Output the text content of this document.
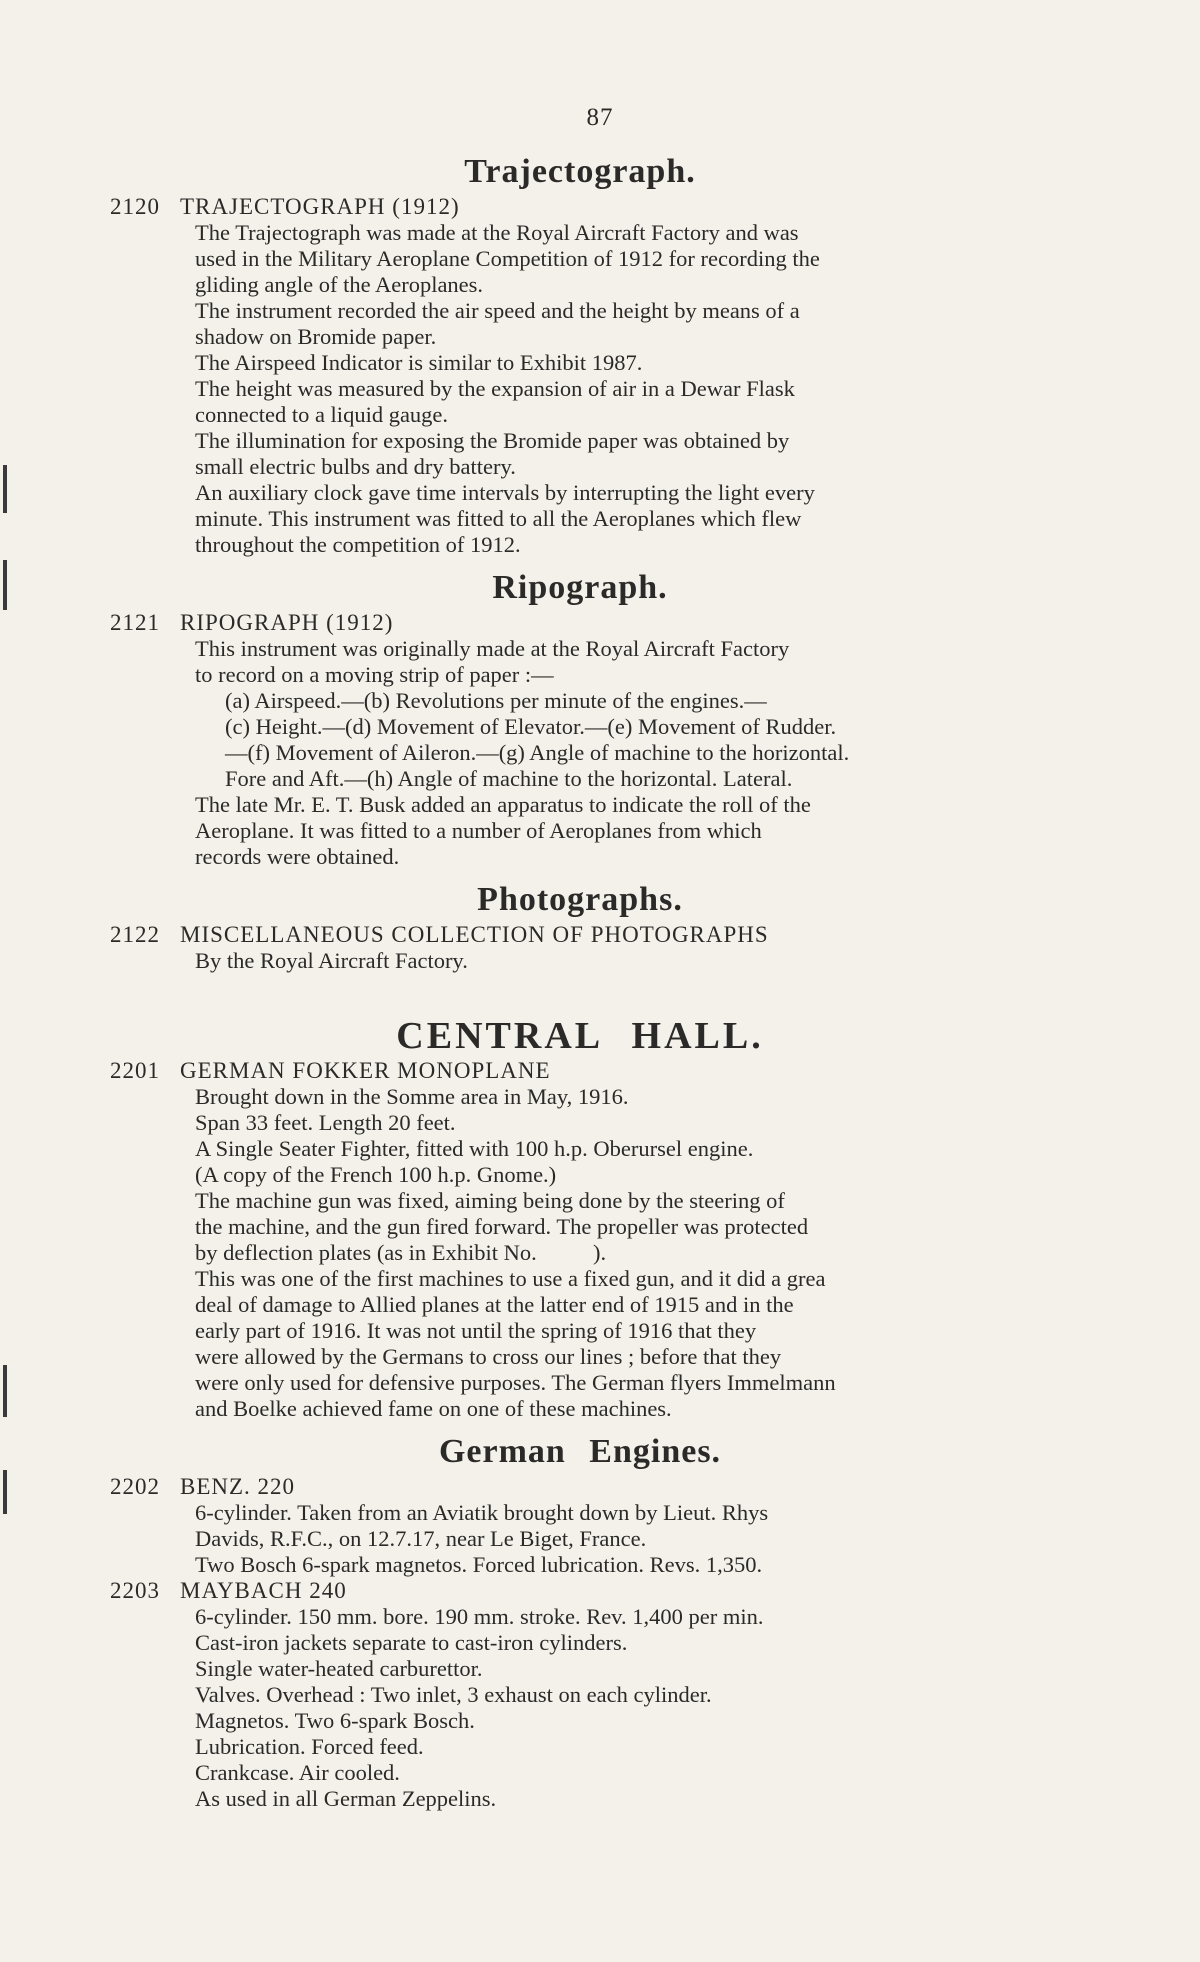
87
Trajectograph.
2120 TRAJECTOGRAPH (1912)
The Trajectograph was made at the Royal Aircraft Factory and was
used in the Military Aeroplane Competition of 1912 for recording the
gliding angle of the Aeroplanes.
The instrument recorded the air speed and the height by means of a
shadow on Bromide paper.
The Airspeed Indicator is similar to Exhibit 1987.
The height was measured by the expansion of air in a Dewar Flask
connected to a liquid gauge.
The illumination for exposing the Bromide paper was obtained by
small electric bulbs and dry battery.
An auxiliary clock gave time intervals by interrupting the light every
minute. This instrument was fitted to all the Aeroplanes which flew
throughout the competition of 1912.
Ripograph.
2121 RIPOGRAPH (1912)
This instrument was originally made at the Royal Aircraft Factory
to record on a moving strip of paper :—
(a) Airspeed.—(b) Revolutions per minute of the engines.—
(c) Height.—(d) Movement of Elevator.—(e) Movement of Rudder.
—(f) Movement of Aileron.—(g) Angle of machine to the horizontal.
Fore and Aft.—(h) Angle of machine to the horizontal. Lateral.
The late Mr. E. T. Busk added an apparatus to indicate the roll of the
Aeroplane. It was fitted to a number of Aeroplanes from which
records were obtained.
Photographs.
2122 MISCELLANEOUS COLLECTION OF PHOTOGRAPHS
By the Royal Aircraft Factory.
CENTRAL HALL.
2201 GERMAN FOKKER MONOPLANE
Brought down in the Somme area in May, 1916.
Span 33 feet. Length 20 feet.
A Single Seater Fighter, fitted with 100 h.p. Oberursel engine.
(A copy of the French 100 h.p. Gnome.)
The machine gun was fixed, aiming being done by the steering of
the machine, and the gun fired forward. The propeller was protected
by deflection plates (as in Exhibit No.          ).
This was one of the first machines to use a fixed gun, and it did a grea
deal of damage to Allied planes at the latter end of 1915 and in the
early part of 1916. It was not until the spring of 1916 that they
were allowed by the Germans to cross our lines ; before that they
were only used for defensive purposes. The German flyers Immelmann
and Boelke achieved fame on one of these machines.
German Engines.
2202 BENZ. 220
6-cylinder. Taken from an Aviatik brought down by Lieut. Rhys
Davids, R.F.C., on 12.7.17, near Le Biget, France.
Two Bosch 6-spark magnetos. Forced lubrication. Revs. 1,350.
2203 MAYBACH 240
6-cylinder. 150 mm. bore. 190 mm. stroke. Rev. 1,400 per min.
Cast-iron jackets separate to cast-iron cylinders.
Single water-heated carburettor.
Valves. Overhead : Two inlet, 3 exhaust on each cylinder.
Magnetos. Two 6-spark Bosch.
Lubrication. Forced feed.
Crankcase. Air cooled.
As used in all German Zeppelins.
